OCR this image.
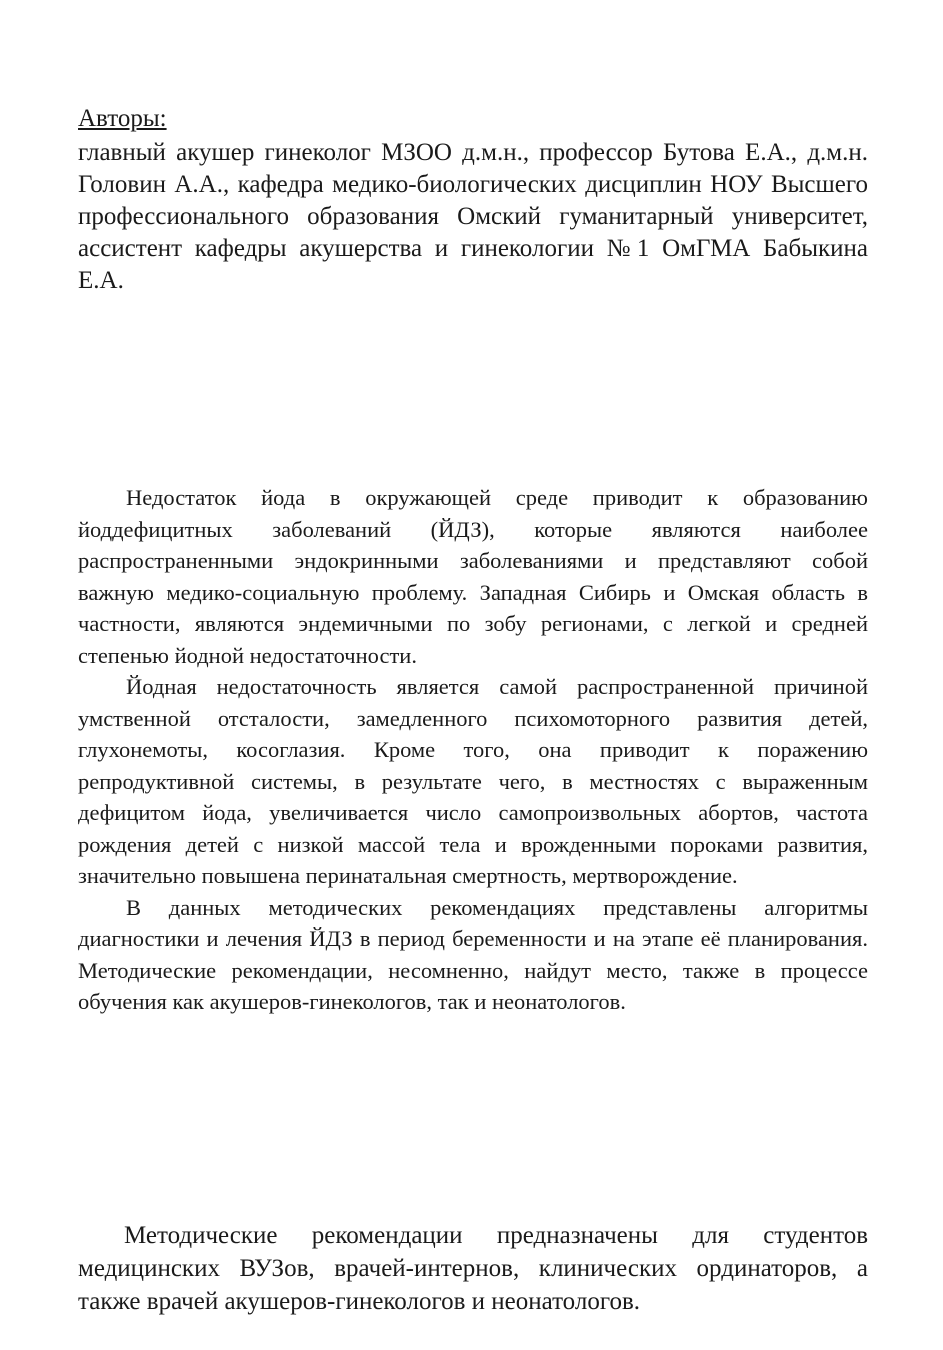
Авторы:

главный акушер гинеколог МЗОО д.м.н., профессор Бутова Е.А., д.м.н. Головин А.А., кафедра медико-биологических дисциплин НОУ Высшего профессионального образования Омский гуманитарный университет, ассистент кафедры акушерства и гинекологии №1 ОмГМА Бабыкина Е.А.

Недостаток йода в окружающей среде приводит к образованию йоддефицитных заболеваний (ЙДЗ), которые являются наиболее распространенными эндокринными заболеваниями и представляют собой важную медико-социальную проблему. Западная Сибирь и Омская область в частности, являются эндемичными по зобу регионами, с легкой и средней степенью йодной недостаточности.

Йодная недостаточность является самой распространенной причиной умственной отсталости, замедленного психомоторного развития детей, глухонемоты, косоглазия. Кроме того, она приводит к поражению репродуктивной системы, в результате чего, в местностях с выраженным дефицитом йода, увеличивается число самопроизвольных абортов, частота рождения детей с низкой массой тела и врожденными пороками развития, значительно повышена перинатальная смертность, мертворождение.

В данных методических рекомендациях представлены алгоритмы диагностики и лечения ЙДЗ в период беременности и на этапе её планирования. Методические рекомендации, несомненно, найдут место, также в процессе обучения как акушеров-гинекологов, так и неонатологов.

Методические рекомендации предназначены для студентов медицинских ВУЗов, врачей-интернов, клинических ординаторов, а также врачей акушеров-гинекологов и неонатологов.
